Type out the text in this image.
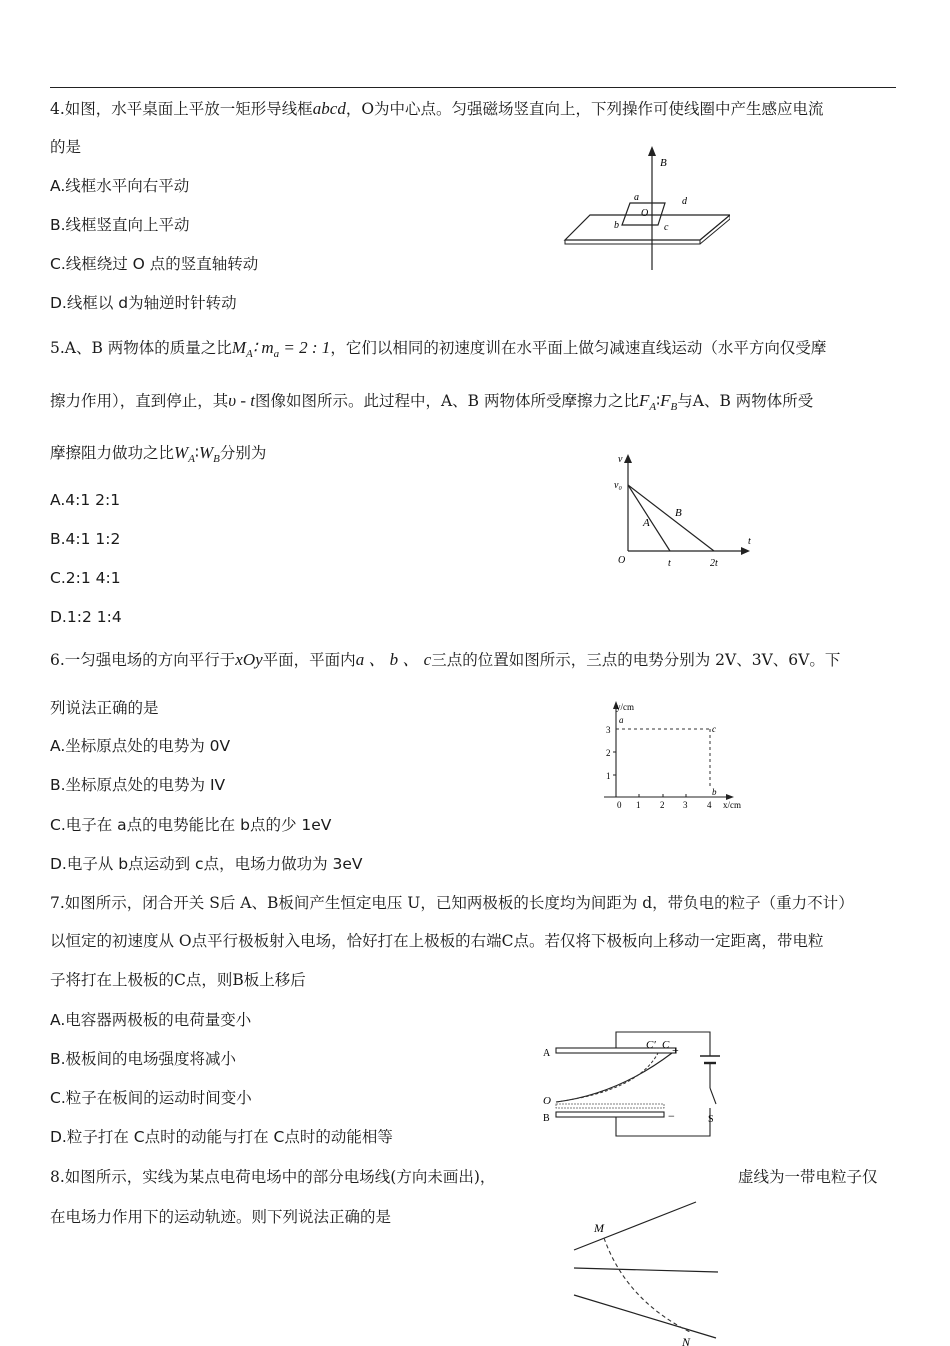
4.如图，水平桌面上平放一矩形导线框abcd，O为中心点。匀强磁场竖直向上，下列操作可使线圈中产生感应电流
的是
A.线框水平向右平动
B.线框竖直向上平动
C.线框绕过 O 点的竖直轴转动
D.线框以 d为轴逆时针转动
B
a	d
O
b	c
5.A、B 两物体的质量之比$M_A∶$ $m_a = 2$ : 1，它们以相同的初速度训在水平面上做匀减速直线运动（水平方向仅受摩
擦力作用），直到停止，其υ - t图像如图所示。此过程中，A、B 两物体所受摩擦力之比$F_A∶F_B$与A、B 两物体所受
摩擦阻力做功之比$W_A∶W_B$分别为
A.4:1 2:1
B.4:1 1:2
C.2:1 4:1
D.1:2 1:4
v
v₀
A
B
O	t	2t
t
6.一匀强电场的方向平行于xOy平面，平面内a 、 b 、 c三点的位置如图所示，三点的电势分别为 2V、3V、6V。下
列说法正确的是
A.坐标原点处的电势为 0V
B.坐标原点处的电势为 IV
C.电子在 a点的电势能比在 b点的少 1eV
D.电子从 b点运动到 c点，电场力做功为 3eV
y/cm
a
c
b
3
2
1
0 1 2 3 4 x/cm
7.如图所示，闭合开关 S后 A、B板间产生恒定电压 U，已知两极板的长度均为间距为 d，带负电的粒子（重力不计）
以恒定的初速度从 O点平行极板射入电场，恰好打在上极板的右端C点。若仅将下极板向上移动一定距离，带电粒
子将打在上极板的C点，则B板上移后
A.电容器两极板的电荷量变小
B.极板间的电场强度将减小
C.粒子在板间的运动时间变小
D.粒子打在 C点时的动能与打在 C点时的动能相等
A
B
O
C′ C +
−	S
8.如图所示，实线为某点电荷电场中的部分电场线(方向未画出)，	虚线为一带电粒子仅
在电场力作用下的运动轨迹。则下列说法正确的是
M
N
